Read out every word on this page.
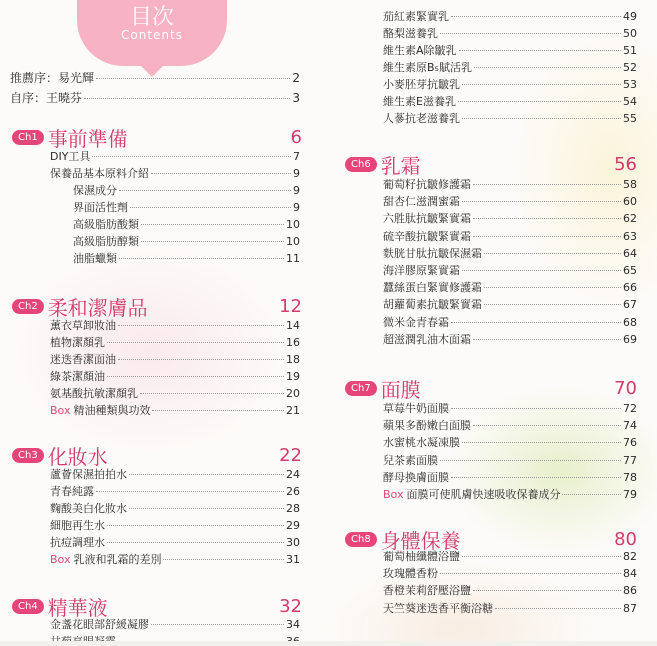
目次
Contents
推薦序：易光輝	2
自序：王曉芬	3
Ch1 事前準備	6
DIY工具	7
保養品基本原料介紹	9
保濕成分	9
界面活性劑	9
高級脂肪酸類	10
高級脂肪醇類	10
油脂蠟類	11
Ch2 柔和潔膚品	12
薰衣草卸妝油	14
植物潔顏乳	16
迷迭香潔面油	18
綠茶潔顏油	19
氨基酸抗敏潔顏乳	20
Box 精油種類與功效	21
Ch3 化妝水	22
蘆薈保濕拍拍水	24
青春純露	26
麴酸美白化妝水	28
細胞再生水	29
抗痘調理水	30
Box 乳液和乳霜的差別	31
Ch4 精華液	32
金盞花眼部舒緩凝膠	34
茄紅素緊實乳	49
酪梨滋養乳	50
維生素A除皺乳	51
維生素原B₅賦活乳	52
小麥胚芽抗皺乳	53
維生素E滋養乳	54
人蔘抗老滋養乳	55
Ch6 乳霜	56
葡萄籽抗皺修護霜	58
甜杏仁滋潤蜜霜	60
六胜肽抗皺緊實霜	62
硫辛酸抗皺緊實霜	63
麩胱甘肽抗皺保濕霜	64
海洋膠原緊實霜	65
蠶絲蛋白緊實修護霜	66
胡蘿蔔素抗皺緊實霜	67
微米金青春霜	68
超滋潤乳油木面霜	69
Ch7 面膜	70
草莓牛奶面膜	72
蘋果多酚嫩白面膜	74
水蜜桃水凝凍膜	76
兒茶素面膜	77
酵母換膚面膜	78
Box 面膜可使肌膚快速吸收保養成分	79
Ch8 身體保養	80
葡萄柚纖體浴鹽	82
玫瑰體香粉	84
香橙茉莉舒壓浴鹽	86
天竺葵迷迭香平衡浴糖	87
